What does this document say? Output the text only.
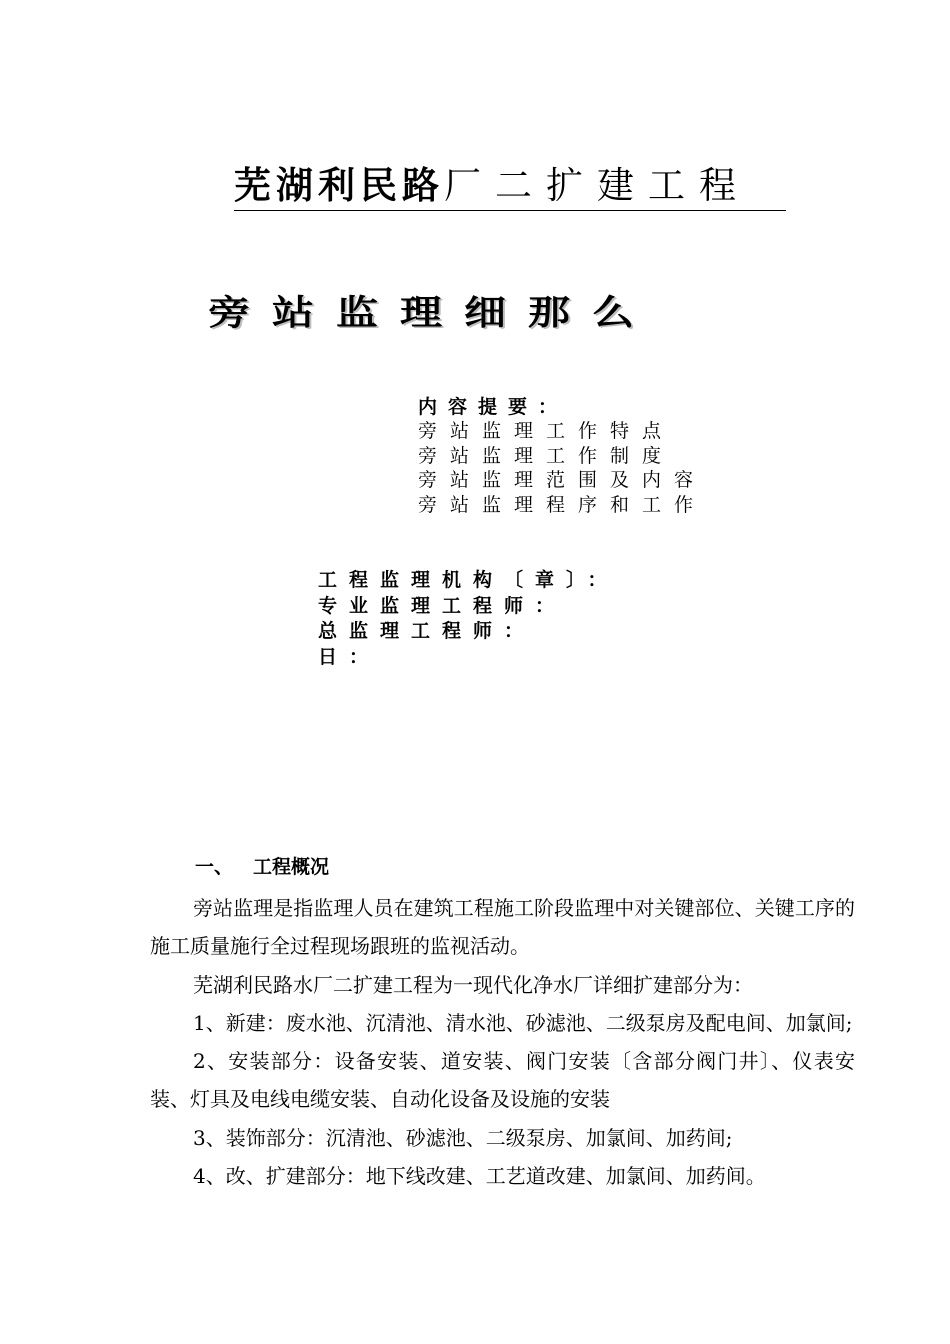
芜湖利民路厂二扩建工程
旁站监理细那么
内容提要：
旁站监理工作特点
旁站监理工作制度
旁站监理范围及内容
旁站监理程序和工作
工程监理机构〔章〕：
专业监理工程师：
总监理工程师：
日：
一、 工程概况

旁站监理是指监理人员在建筑工程施工阶段监理中对关键部位、关键工序的施工质量施行全过程现场跟班的监视活动。

芜湖利民路水厂二扩建工程为一现代化净水厂详细扩建部分为：

1、新建：废水池、沉清池、清水池、砂滤池、二级泵房及配电间、加氯间;

2、安装部分：设备安装、道安装、阀门安装〔含部分阀门井〕、仪表安装、灯具及电线电缆安装、自动化设备及设施的安装

3、装饰部分：沉清池、砂滤池、二级泵房、加氯间、加药间;

4、改、扩建部分：地下线改建、工艺道改建、加氯间、加药间。
